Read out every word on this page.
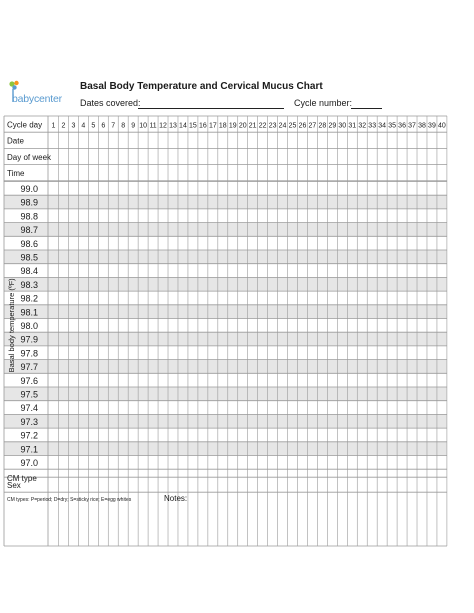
babycenter
Basal Body Temperature and Cervical Mucus Chart
Dates covered:	Cycle number:
Cycle day
Date
Day of week
Time
CM type
Sex
1 2 3 4 5 6 7 8 9 10 11 12 13 14 15 16 17 18 19 20 21 22 23 24 25 26 27 28 29 30 31 32 33 34 35 36 37 38 39 40
99.0
98.9
98.8
98.7
98.6
98.5
98.4
98.3
98.2
98.1
98.0
97.9
97.8
97.7
97.6
97.5
97.4
97.3
97.2
97.1
97.0
Basal body temperature (ºF)
CM types: P=period; D=dry; S=sticky rice; E=egg whites	Notes:
